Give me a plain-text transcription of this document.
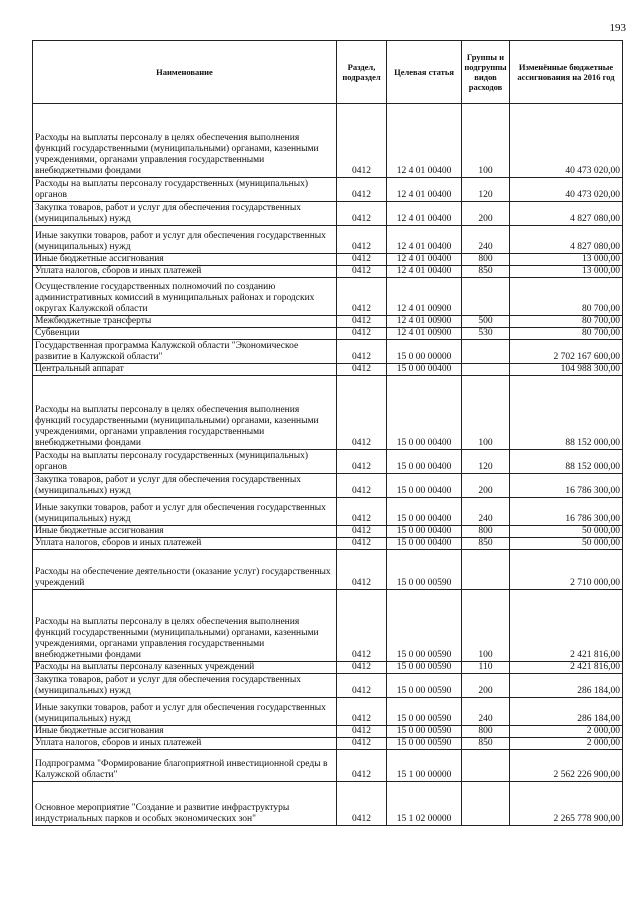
193
Наименование	Раздел, подраздел	Целевая статья	Группы и подгруппы видов расходов	Изменённые бюджетные ассигнования на 2016 год
Расходы на выплаты персоналу в целях обеспечения выполнения функций государственными (муниципальными) органами, казенными учреждениями, органами управления государственными внебюджетными фондами	0412	12 4 01 00400	100	40 473 020,00
Расходы на выплаты персоналу государственных (муниципальных) органов	0412	12 4 01 00400	120	40 473 020,00
Закупка товаров, работ и услуг для обеспечения государственных (муниципальных) нужд	0412	12 4 01 00400	200	4 827 080,00
Иные закупки товаров, работ и услуг для обеспечения государственных (муниципальных) нужд	0412	12 4 01 00400	240	4 827 080,00
Иные бюджетные ассигнования	0412	12 4 01 00400	800	13 000,00
Уплата налогов, сборов и иных платежей	0412	12 4 01 00400	850	13 000,00
Осуществление государственных полномочий по созданию административных комиссий в муниципальных районах и городских округах Калужской области	0412	12 4 01 00900		80 700,00
Межбюджетные трансферты	0412	12 4 01 00900	500	80 700,00
Субвенции	0412	12 4 01 00900	530	80 700,00
Государственная программа Калужской области "Экономическое развитие в Калужской области"	0412	15 0 00 00000		2 702 167 600,00
Центральный аппарат	0412	15 0 00 00400		104 988 300,00
Расходы на выплаты персоналу в целях обеспечения выполнения функций государственными (муниципальными) органами, казенными учреждениями, органами управления государственными внебюджетными фондами	0412	15 0 00 00400	100	88 152 000,00
Расходы на выплаты персоналу государственных (муниципальных) органов	0412	15 0 00 00400	120	88 152 000,00
Закупка товаров, работ и услуг для обеспечения государственных (муниципальных) нужд	0412	15 0 00 00400	200	16 786 300,00
Иные закупки товаров, работ и услуг для обеспечения государственных (муниципальных) нужд	0412	15 0 00 00400	240	16 786 300,00
Иные бюджетные ассигнования	0412	15 0 00 00400	800	50 000,00
Уплата налогов, сборов и иных платежей	0412	15 0 00 00400	850	50 000,00
Расходы на обеспечение деятельности (оказание услуг) государственных учреждений	0412	15 0 00 00590		2 710 000,00
Расходы на выплаты персоналу в целях обеспечения выполнения функций государственными (муниципальными) органами, казенными учреждениями, органами управления государственными внебюджетными фондами	0412	15 0 00 00590	100	2 421 816,00
Расходы на выплаты персоналу казенных учреждений	0412	15 0 00 00590	110	2 421 816,00
Закупка товаров, работ и услуг для обеспечения государственных (муниципальных) нужд	0412	15 0 00 00590	200	286 184,00
Иные закупки товаров, работ и услуг для обеспечения государственных (муниципальных) нужд	0412	15 0 00 00590	240	286 184,00
Иные бюджетные ассигнования	0412	15 0 00 00590	800	2 000,00
Уплата налогов, сборов и иных платежей	0412	15 0 00 00590	850	2 000,00
Подпрограмма "Формирование благоприятной инвестиционной среды в Калужской области"	0412	15 1 00 00000		2 562 226 900,00
Основное мероприятие "Создание и развитие инфраструктуры индустриальных парков и особых экономических зон"	0412	15 1 02 00000		2 265 778 900,00
